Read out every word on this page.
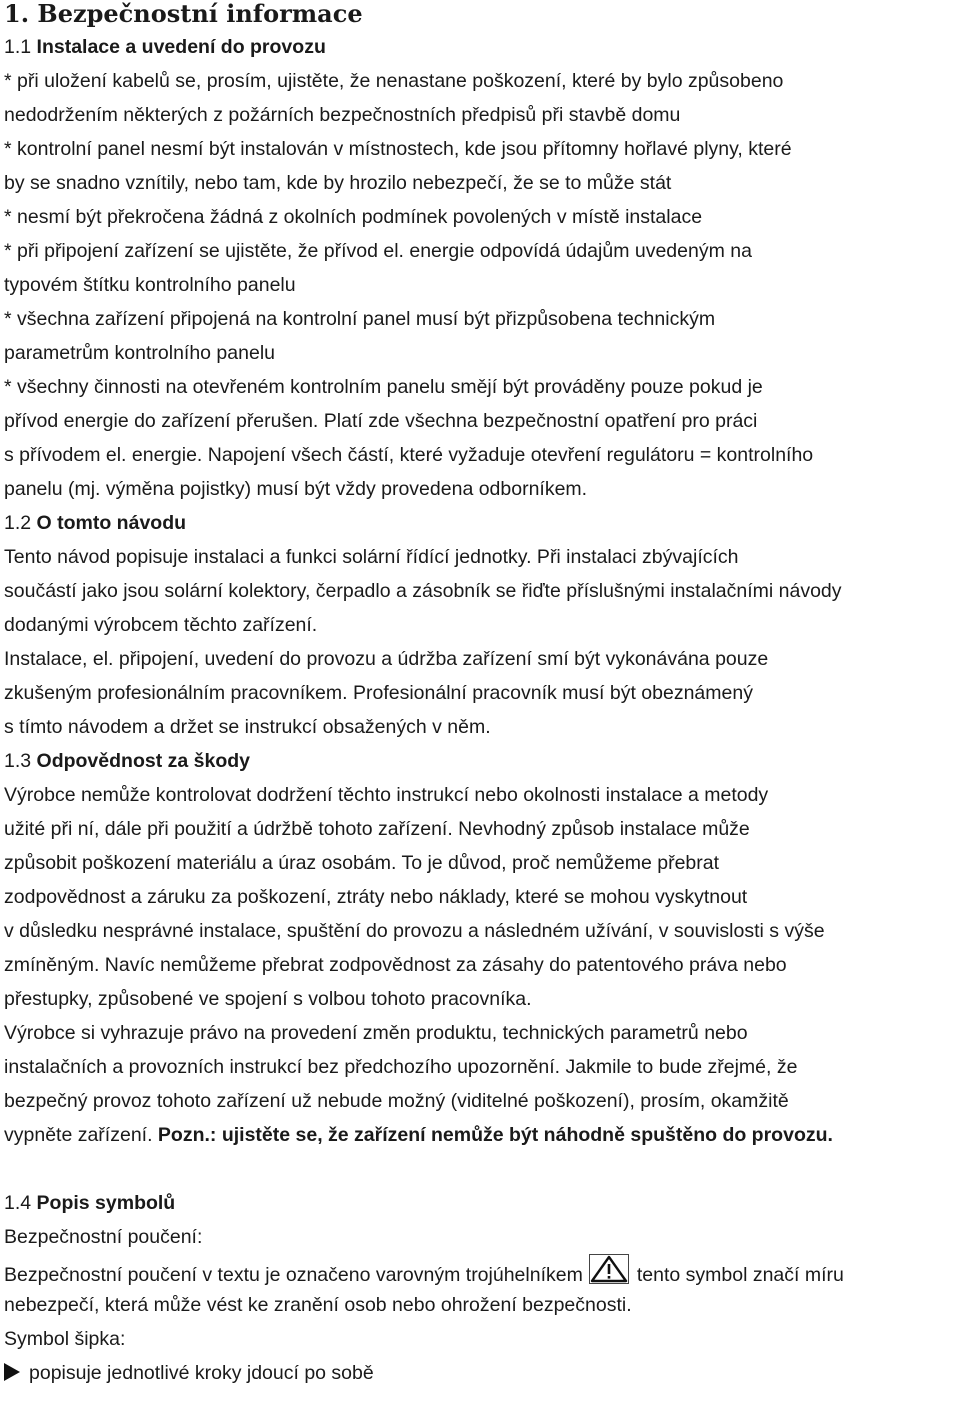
1. Bezpečnostní informace
1.1 Instalace a uvedení do provozu
* při uložení kabelů se, prosím, ujistěte, že nenastane poškození, které by bylo způsobeno
nedodržením některých z požárních bezpečnostních předpisů při stavbě domu
* kontrolní panel nesmí být instalován v místnostech, kde jsou přítomny hořlavé plyny, které
by se snadno vznítily, nebo tam, kde by hrozilo nebezpečí, že se to může stát
* nesmí být překročena žádná z okolních podmínek povolených v místě instalace
* při připojení zařízení se ujistěte, že přívod el. energie odpovídá údajům uvedeným na
typovém štítku kontrolního panelu
* všechna zařízení připojená na kontrolní panel musí být přizpůsobena technickým
parametrům kontrolního panelu
* všechny činnosti na otevřeném kontrolním panelu smějí být prováděny pouze pokud je
přívod energie do zařízení přerušen. Platí zde všechna bezpečnostní opatření pro práci
s přívodem el. energie. Napojení všech částí, které vyžaduje otevření regulátoru = kontrolního
panelu (mj. výměna pojistky) musí být vždy provedena odborníkem.
1.2 O tomto návodu
Tento návod popisuje instalaci a funkci solární řídící jednotky. Při instalaci zbývajících
součástí jako jsou solární kolektory, čerpadlo a zásobník se řiďte příslušnými instalačními návody
dodanými výrobcem těchto zařízení.
Instalace, el. připojení, uvedení do provozu a údržba zařízení smí být vykonávána pouze
zkušeným profesionálním pracovníkem. Profesionální pracovník musí být obeznámený
s tímto návodem a držet se instrukcí obsažených v něm.
1.3 Odpovědnost za škody
Výrobce nemůže kontrolovat dodržení těchto instrukcí nebo okolnosti instalace a metody
užité při ní, dále při použití a údržbě tohoto zařízení. Nevhodný způsob instalace může
způsobit poškození materiálu a úraz osobám. To je důvod, proč nemůžeme přebrat
zodpovědnost a záruku za poškození, ztráty nebo náklady, které se mohou vyskytnout
v důsledku nesprávné instalace, spuštění do provozu a následném užívání, v souvislosti s výše
zmíněným. Navíc nemůžeme přebrat zodpovědnost za zásahy do patentového práva nebo
přestupky, způsobené ve spojení s volbou tohoto pracovníka.
Výrobce si vyhrazuje právo na provedení změn produktu, technických parametrů nebo
instalačních a provozních instrukcí bez předchozího upozornění. Jakmile to bude zřejmé, že
bezpečný provoz tohoto zařízení už nebude možný (viditelné poškození), prosím, okamžitě
vypněte zařízení. Pozn.: ujistěte se, že zařízení nemůže být náhodně spuštěno do provozu.
1.4 Popis symbolů
Bezpečnostní poučení:
Bezpečnostní poučení v textu je označeno varovným trojúhelníkem	tento symbol značí míru
nebezpečí, která může vést ke zranění osob nebo ohrožení bezpečnosti.
Symbol šipka:
popisuje jednotlivé kroky jdoucí po sobě
